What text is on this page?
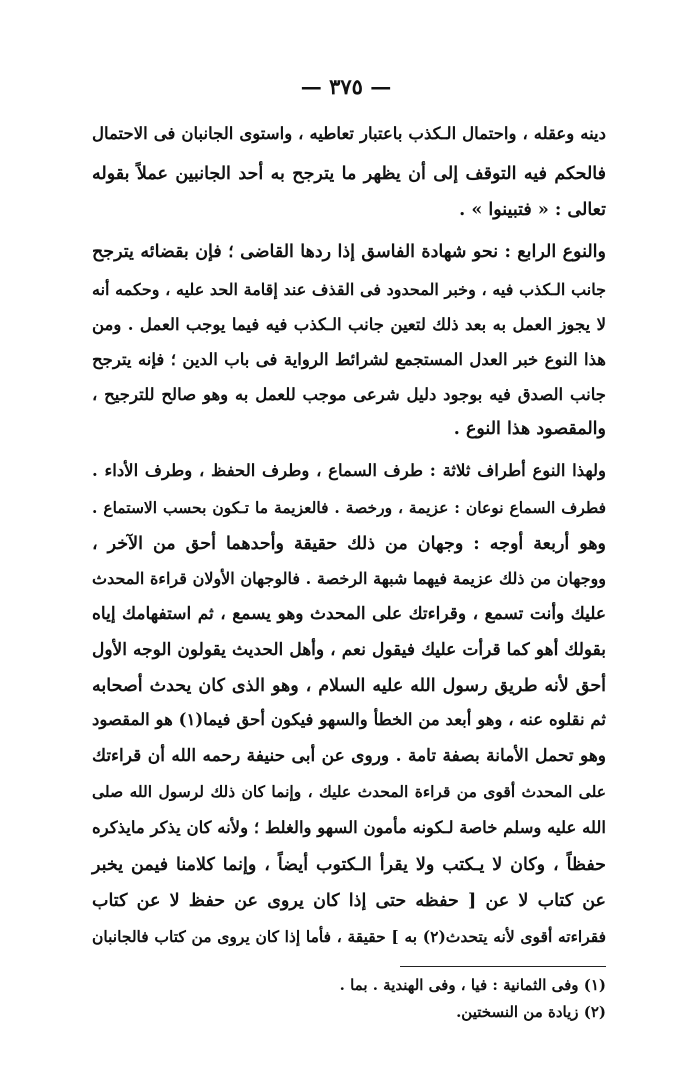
— ٣٧٥ —
دينه وعقله ، واحتمال الـكذب باعتبار تعاطيه ، واستوى الجانبان فى الاحتمال
فالحكم فيه التوقف إلى أن يظهر ما يترجح به أحد الجانبين عملاً بقوله
تعالى : « فتبينوا » .
والنوع الرابع : نحو شهادة الفاسق إذا ردها القاضى ؛ فإن بقضائه يترجح
جانب الـكذب فيه ، وخبر المحدود فى القذف عند إقامة الحد عليه ، وحكمه أنه
لا يجوز العمل به بعد ذلك لتعين جانب الـكذب فيه فيما يوجب العمل . ومن
هذا النوع خبر العدل المستجمع لشرائط الرواية فى باب الدين ؛ فإنه يترجح
جانب الصدق فيه بوجود دليل شرعى موجب للعمل به وهو صالح للترجيح ،
والمقصود هذا النوع .
ولهذا النوع أطراف ثلاثة : طرف السماع ، وطرف الحفظ ، وطرف الأداء .
فطرف السماع نوعان : عزيمة ، ورخصة . فالعزيمة ما تـكون بحسب الاستماع .
وهو أربعة أوجه : وجهان من ذلك حقيقة وأحدهما أحق من الآخر ،
ووجهان من ذلك عزيمة فيهما شبهة الرخصة . فالوجهان الأولان قراءة المحدث
عليك وأنت تسمع ، وقراءتك على المحدث وهو يسمع ، ثم استفهامك إياه
بقولك أهو كما قرأت عليك فيقول نعم ، وأهل الحديث يقولون الوجه الأول
أحق لأنه طريق رسول الله عليه السلام ، وهو الذى كان يحدث أصحابه
ثم نقلوه عنه ، وهو أبعد من الخطأ والسهو فيكون أحق فيما(١) هو المقصود
وهو تحمل الأمانة بصفة تامة . وروى عن أبى حنيفة رحمه الله أن قراءتك
على المحدث أقوى من قراءة المحدث عليك ، وإنما كان ذلك لرسول الله صلى
الله عليه وسلم خاصة لـكونه مأمون السهو والغلط ؛ ولأنه كان يذكر مايذكره
حفظاً ، وكان لا يـكتب ولا يقرأ الـكتوب أيضاً ، وإنما كلامنا فيمن يخبر
عن كتاب لا عن [ حفظه حتى إذا كان يروى عن حفظ لا عن كتاب
فقراءته أقوى لأنه يتحدث(٢) به ] حقيقة ، فأما إذا كان يروى من كتاب فالجانبان
(١) وفى الثمانية : فيا ، وفى الهندية . بما .
(٢) زيادة من النسختين.
